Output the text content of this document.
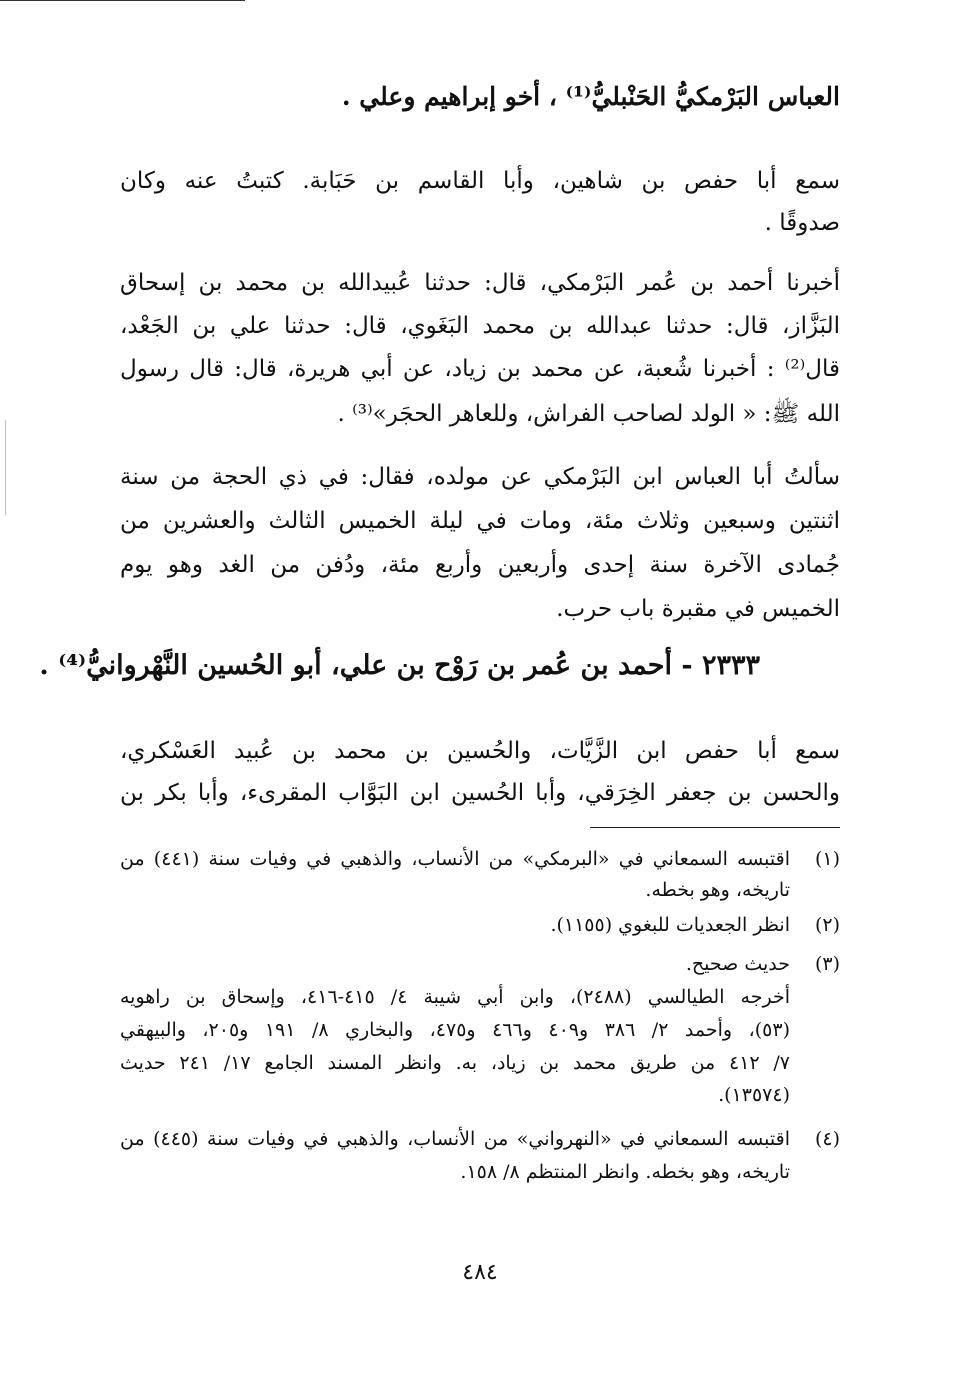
العباس البَرْمكيُّ الحَنْبليُّ⁽¹⁾ ، أخو إبراهيم وعلي .
سمع أبا حفص بن شاهين، وأبا القاسم بن حَبَابة. كتبتُ عنه وكان
صدوقًا .
أخبرنا أحمد بن عُمر البَرْمكي، قال: حدثنا عُبيدالله بن محمد بن إسحاق
البَزَّاز، قال: حدثنا عبدالله بن محمد البَغَوي، قال: حدثنا علي بن الجَعْد،
قال⁽²⁾ : أخبرنا شُعبة، عن محمد بن زياد، عن أبي هريرة، قال: قال رسول
الله ﷺ: « الولد لصاحب الفراش، وللعاهر الحجَر»⁽³⁾ .
سألتُ أبا العباس ابن البَرْمكي عن مولده، فقال: في ذي الحجة من سنة
اثنتين وسبعين وثلاث مئة، ومات في ليلة الخميس الثالث والعشرين من
جُمادى الآخرة سنة إحدى وأربعين وأربع مئة، ودُفن من الغد وهو يوم
الخميس في مقبرة باب حرب.
٢٣٣٣ - أحمد بن عُمر بن رَوْح بن علي، أبو الحُسين النَّهْروانيُّ⁽⁴⁾ .
سمع أبا حفص ابن الزَّيَّات، والحُسين بن محمد بن عُبيد العَسْكري،
والحسن بن جعفر الخِرَقي، وأبا الحُسين ابن البَوَّاب المقرىء، وأبا بكر بن
(١)
اقتبسه السمعاني في «البرمكي» من الأنساب، والذهبي في وفيات سنة (٤٤١) من
تاريخه، وهو بخطه.
(٢)
انظر الجعديات للبغوي (١١٥٥).
(٣)
حديث صحيح.
أخرجه الطيالسي (٢٤٨٨)، وابن أبي شيبة ٤/ ٤١٥-٤١٦، وإسحاق بن راهويه
(٥٣)، وأحمد ٢/ ٣٨٦ و٤٠٩ و٤٦٦ و٤٧٥، والبخاري ٨/ ١٩١ و٢٠٥، والبيهقي
٧/ ٤١٢ من طريق محمد بن زياد، به. وانظر المسند الجامع ١٧/ ٢٤١ حديث
(١٣٥٧٤).
(٤)
اقتبسه السمعاني في «النهرواني» من الأنساب، والذهبي في وفيات سنة (٤٤٥) من
تاريخه، وهو بخطه. وانظر المنتظم ٨/ ١٥٨.
٤٨٤
